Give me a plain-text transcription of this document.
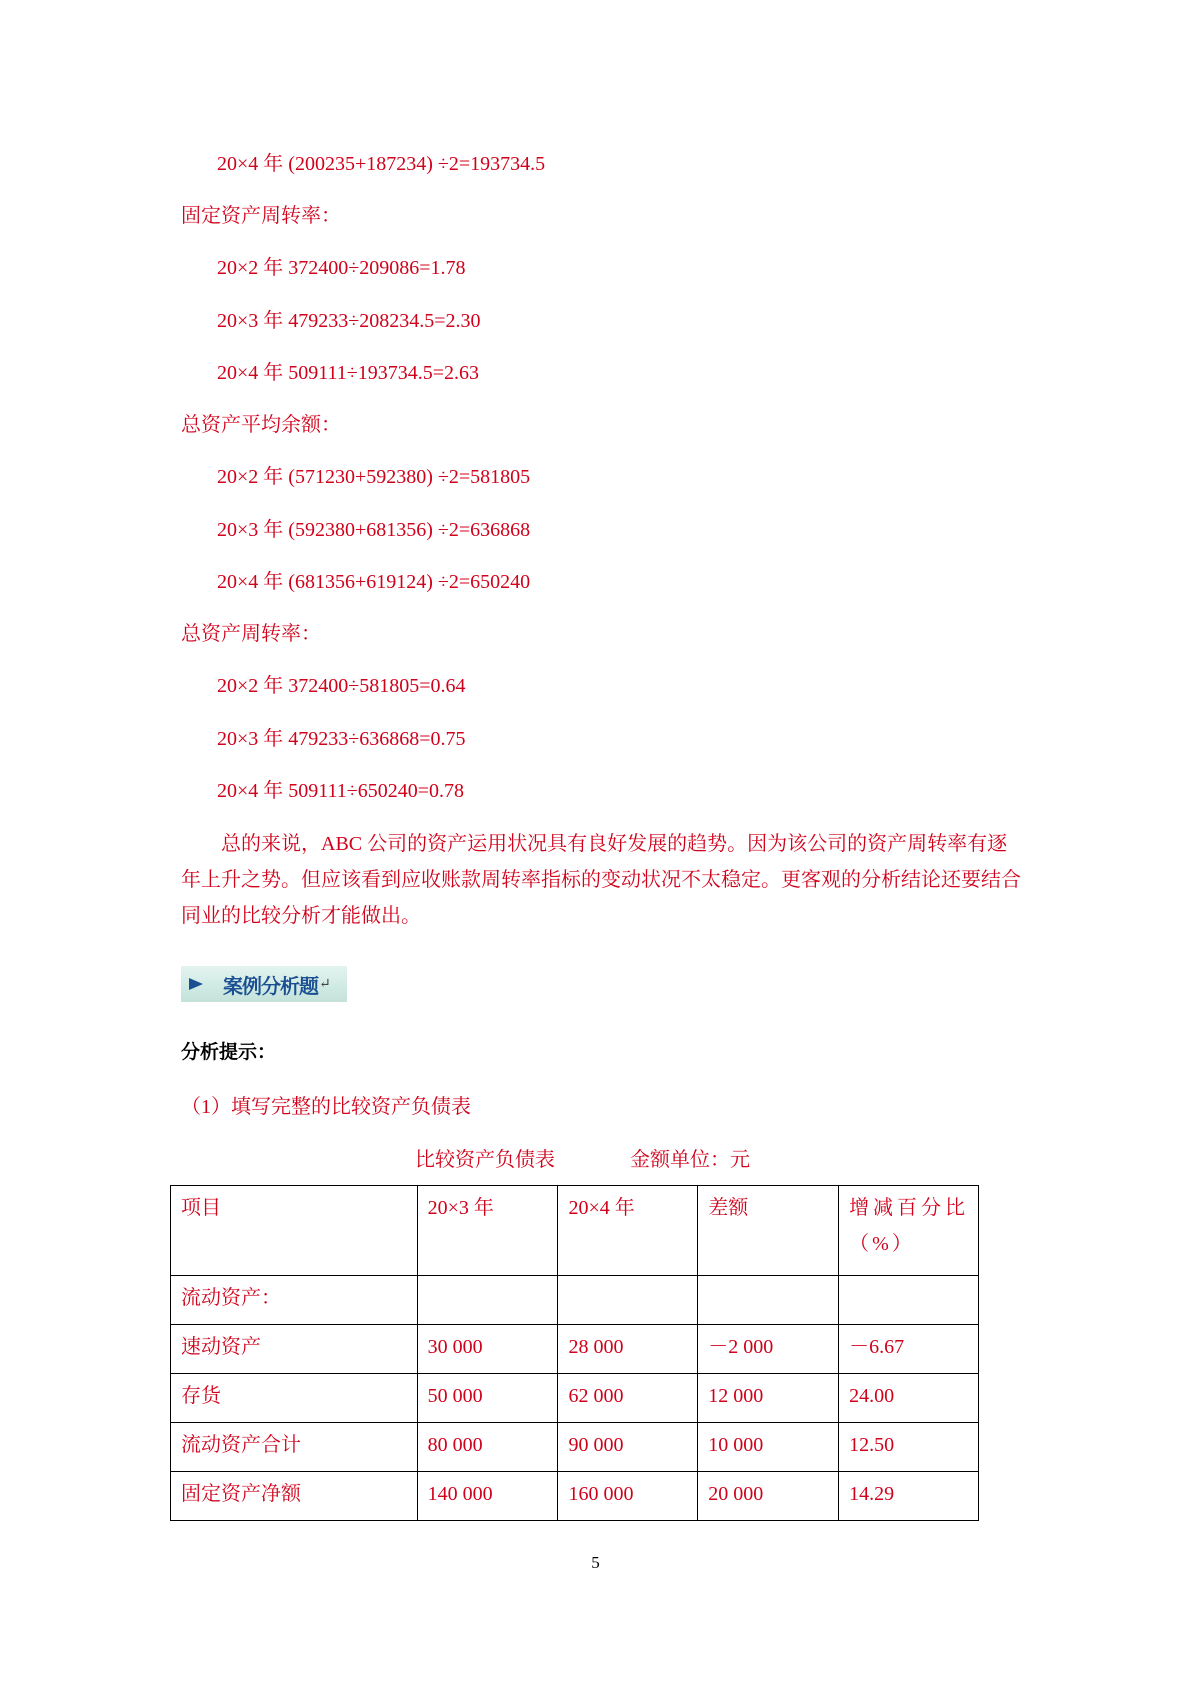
20×4 年 (200235+187234) ÷2=193734.5
固定资产周转率：
20×2 年 372400÷209086=1.78
20×3 年 479233÷208234.5=2.30
20×4 年 509111÷193734.5=2.63
总资产平均余额：
20×2 年 (571230+592380) ÷2=581805
20×3 年 (592380+681356) ÷2=636868
20×4 年 (681356+619124) ÷2=650240
总资产周转率：
20×2 年 372400÷581805=0.64
20×3 年 479233÷636868=0.75
20×4 年 509111÷650240=0.78
总的来说，ABC 公司的资产运用状况具有良好发展的趋势。因为该公司的资产周转率有逐年上升之势。但应该看到应收账款周转率指标的变动状况不太稳定。更客观的分析结论还要结合同业的比较分析才能做出。
案例分析题 ↵
分析提示：
（1）填写完整的比较资产负债表
比较资产负债表	金额单位：元
项目	20×3 年	20×4 年	差额	增减百分比（%）
流动资产：				
速动资产	30 000	28 000	－2 000	－6.67
存货	50 000	62 000	12 000	24.00
流动资产合计	80 000	90 000	10 000	12.50
固定资产净额	140 000	160 000	20 000	14.29
5
